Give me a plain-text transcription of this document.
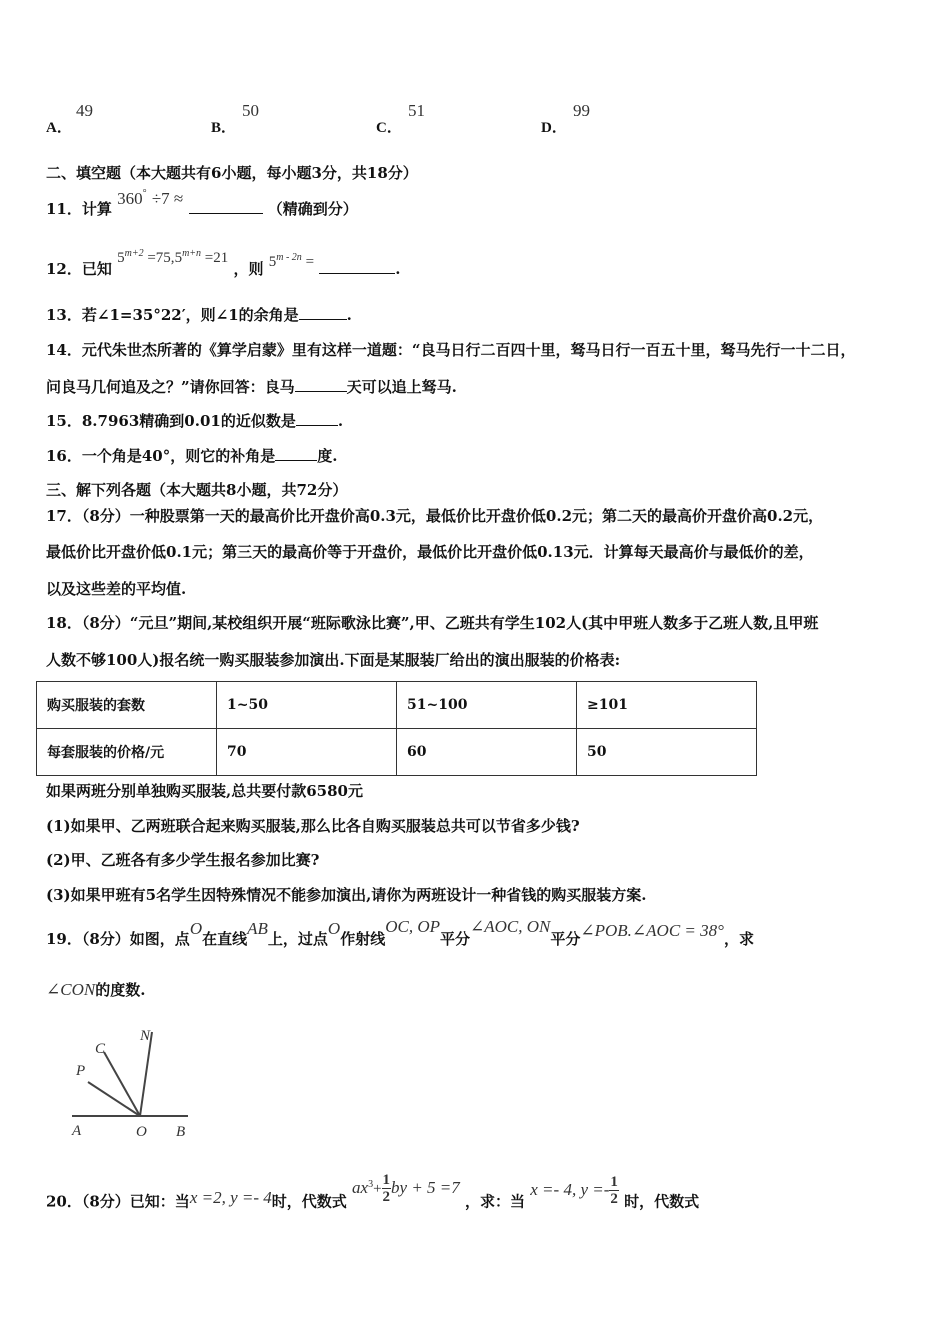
A．
49
B．
50
C．
51
D．
99
二、填空题（本大题共有6小题，每小题3分，共18分）
11．计算 360° ÷7 ≈  （精确到分）
12．已知 $5^{m+2} =75,5^{m+n} =21$ ，则 $5^{m - 2n}$ =	.
13．若∠1=35°22′，则∠1的余角是	.
14．元代朱世杰所著的《算学启蒙》里有这样一道题：“良马日行二百四十里，驽马日行一百五十里，驽马先行一十二日，
问良马几何追及之？”请你回答：良马	天可以追上驽马.
15．8.7963精确到0.01的近似数是	.
16．一个角是40°，则它的补角是	度.
三、解下列各题（本大题共8小题，共72分）
17．（8分）一种股票第一天的最高价比开盘价高0.3元，最低价比开盘价低0.2元；第二天的最高价开盘价高0.2元，
最低价比开盘价低0.1元；第三天的最高价等于开盘价，最低价比开盘价低0.13元．计算每天最高价与最低价的差，
以及这些差的平均值.
18．（8分）“元旦”期间,某校组织开展“班际歌泳比赛”,甲、乙班共有学生102人(其中甲班人数多于乙班人数,且甲班
人数不够100人)报名统一购买服装参加演出.下面是某服装厂给出的演出服装的价格表:
购买服装的套数	1~50	51~100	≥101
每套服装的价格/元	70	60	50
如果两班分别单独购买服装,总共要付款6580元
(1)如果甲、乙两班联合起来购买服装,那么比各自购买服装总共可以节省多少钱?
(2)甲、乙班各有多少学生报名参加比赛?
(3)如果甲班有5名学生因特殊情况不能参加演出,请你为两班设计一种省钱的购买服装方案.
19．（8分）如图，点O在直线AB上，过点O作射线OC, OP平分∠AOC, ON平分∠POB.∠AOC = 38°，求
∠CON的度数.
N
C
P
A	O B
20．（8分）已知：当x =2, y =- 4时，代数式 $ax^3+ \frac{1}{2}$ by + 5 =7 ，求：当 x =- 4, $y =- \frac{1}{2}$ 时，代数式
